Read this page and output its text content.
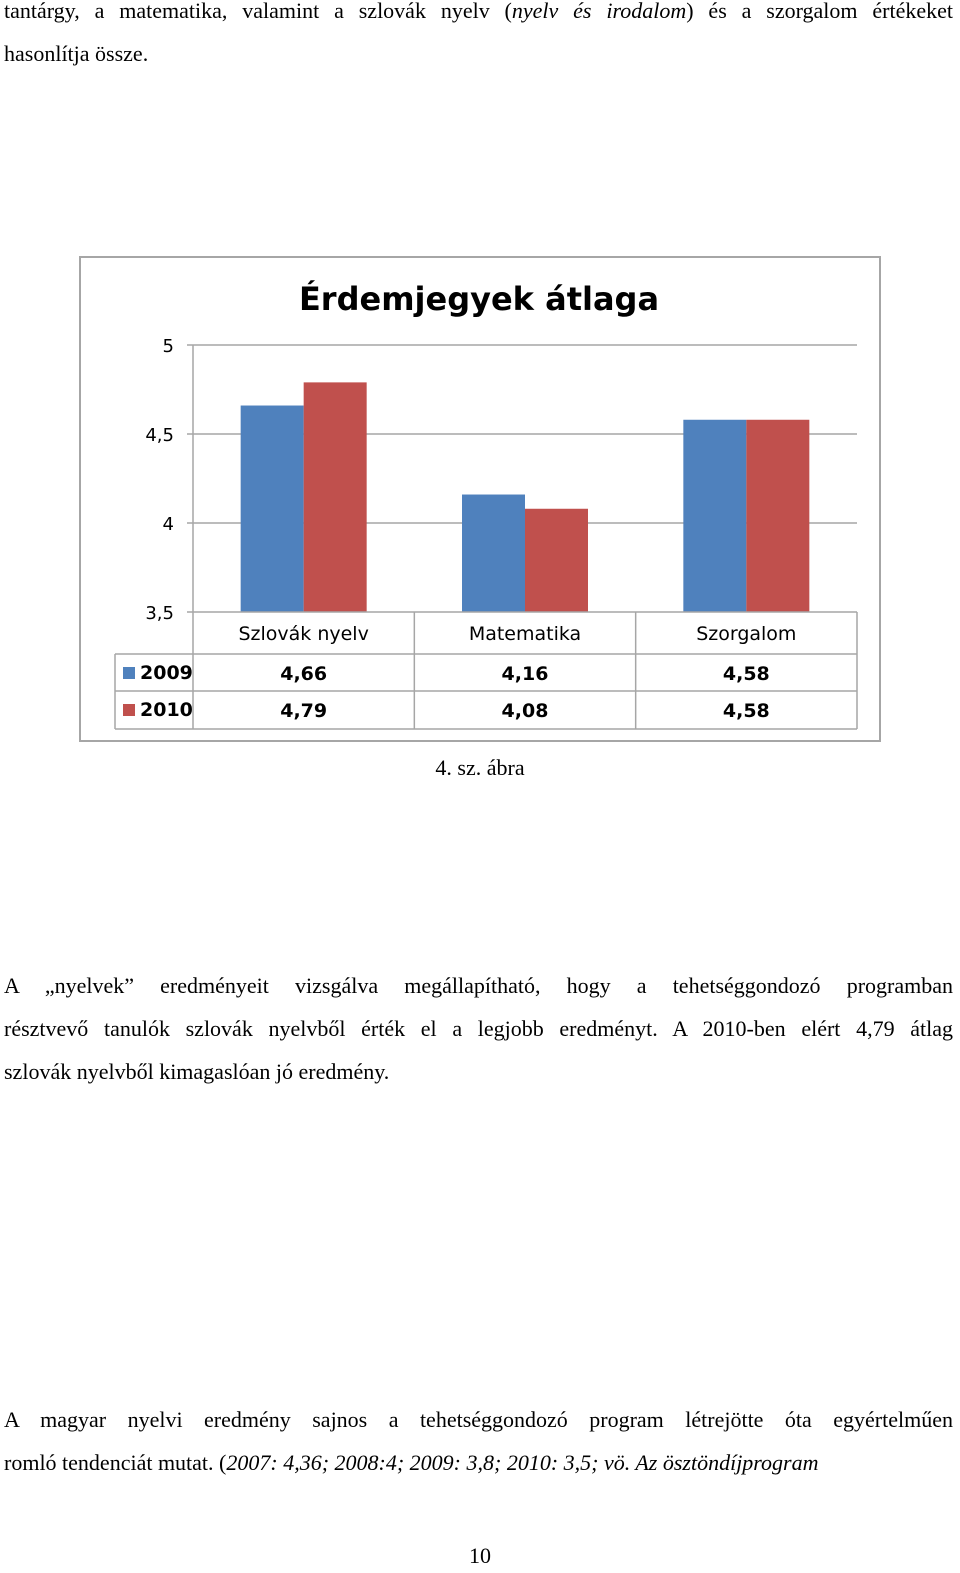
tantárgy, a matematika, valamint a szlovák nyelv (nyelv és irodalom) és a szorgalom értékeket
hasonlítja össze.
Érdemjegyek átlaga
3,5
4
4,5
5
Szlovák nyelv	Matematika	Szorgalom
2009	4,66	4,16	4,58
2010	4,79	4,08	4,58
4. sz. ábra
A „nyelvek” eredményeit vizsgálva megállapítható, hogy a tehetséggondozó programban
résztvevő tanulók szlovák nyelvből érték el a legjobb eredményt. A 2010-ben elért 4,79 átlag
szlovák nyelvből kimagaslóan jó eredmény.
A magyar nyelvi eredmény sajnos a tehetséggondozó program létrejötte óta egyértelműen
romló tendenciát mutat. (2007: 4,36; 2008:4; 2009: 3,8; 2010: 3,5; vö. Az ösztöndíjprogram
10
